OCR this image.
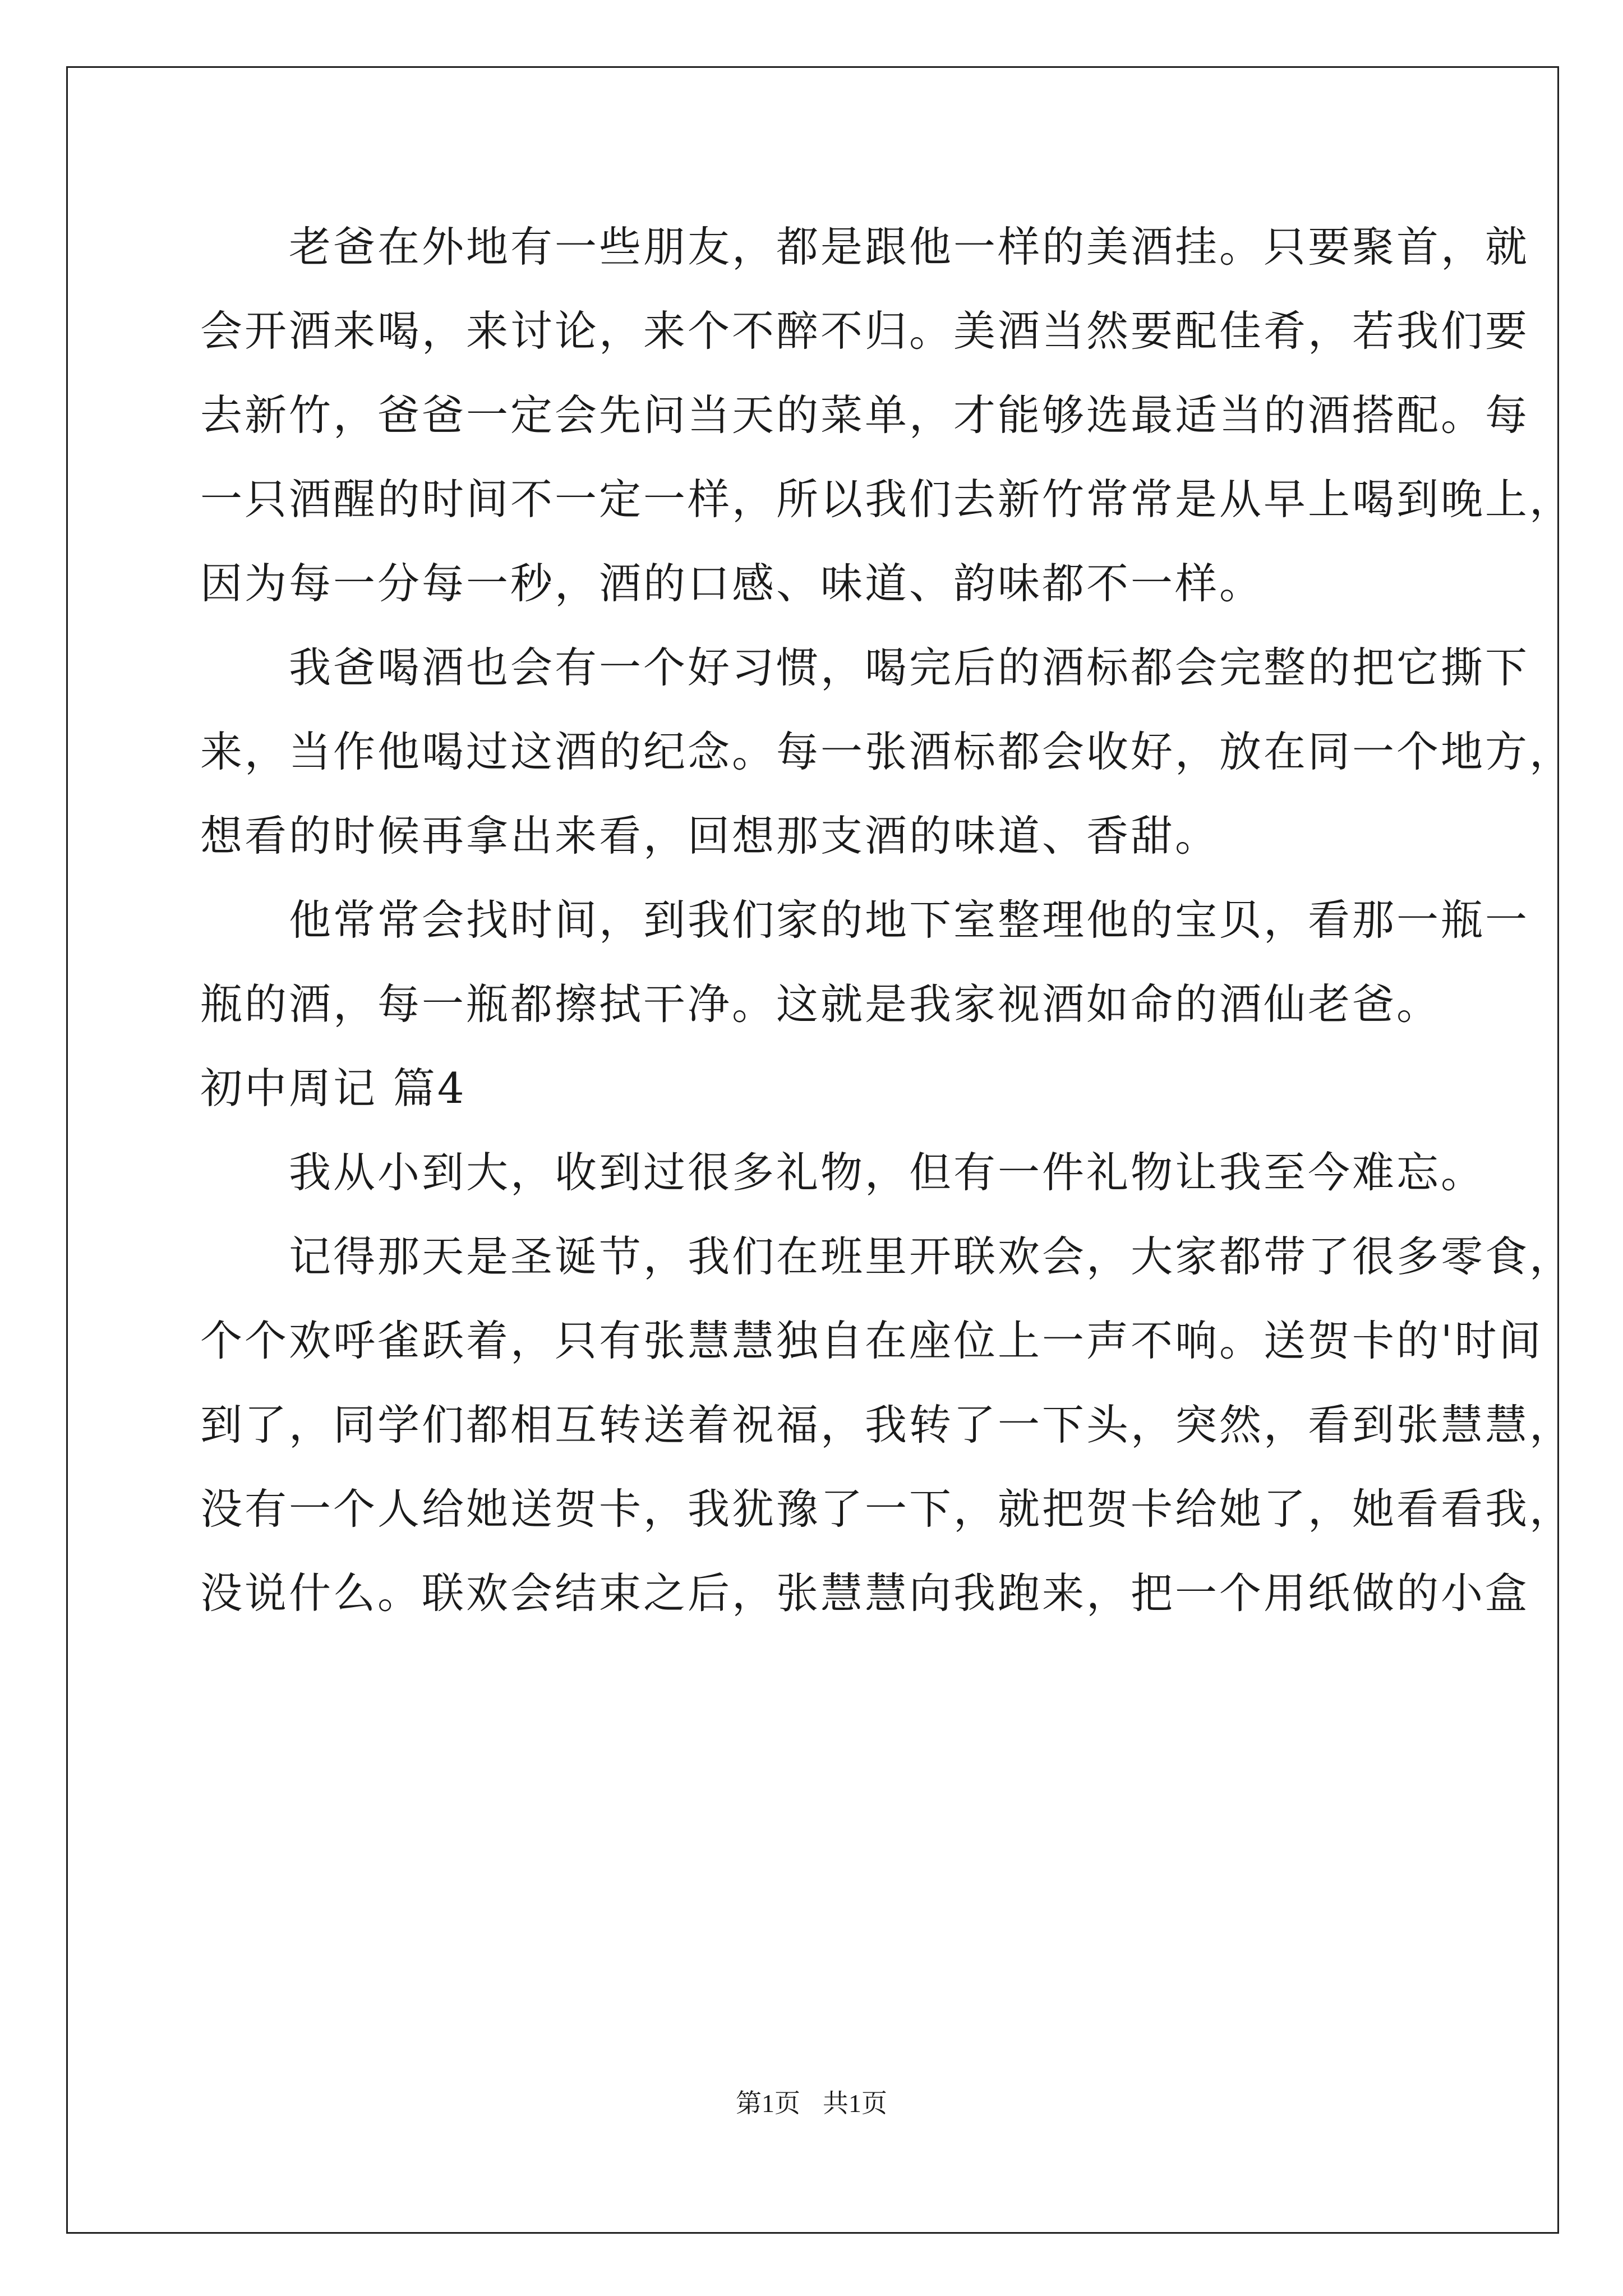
　　老爸在外地有一些朋友，都是跟他一样的美酒挂。只要聚首，就
会开酒来喝，来讨论，来个不醉不归。美酒当然要配佳肴，若我们要
去新竹，爸爸一定会先问当天的菜单，才能够选最适当的酒搭配。每
一只酒醒的时间不一定一样，所以我们去新竹常常是从早上喝到晚上，
因为每一分每一秒，酒的口感、味道、韵味都不一样。
　　我爸喝酒也会有一个好习惯，喝完后的酒标都会完整的把它撕下
来，当作他喝过这酒的纪念。每一张酒标都会收好，放在同一个地方，
想看的时候再拿出来看，回想那支酒的味道、香甜。
　　他常常会找时间，到我们家的地下室整理他的宝贝，看那一瓶一
瓶的酒，每一瓶都擦拭干净。这就是我家视酒如命的酒仙老爸。
初中周记 篇4
　　我从小到大，收到过很多礼物，但有一件礼物让我至今难忘。
　　记得那天是圣诞节，我们在班里开联欢会，大家都带了很多零食，
个个欢呼雀跃着，只有张慧慧独自在座位上一声不响。送贺卡的'时间
到了，同学们都相互转送着祝福，我转了一下头，突然，看到张慧慧，
没有一个人给她送贺卡，我犹豫了一下，就把贺卡给她了，她看看我，
没说什么。联欢会结束之后，张慧慧向我跑来，把一个用纸做的小盒
第1页 共1页
